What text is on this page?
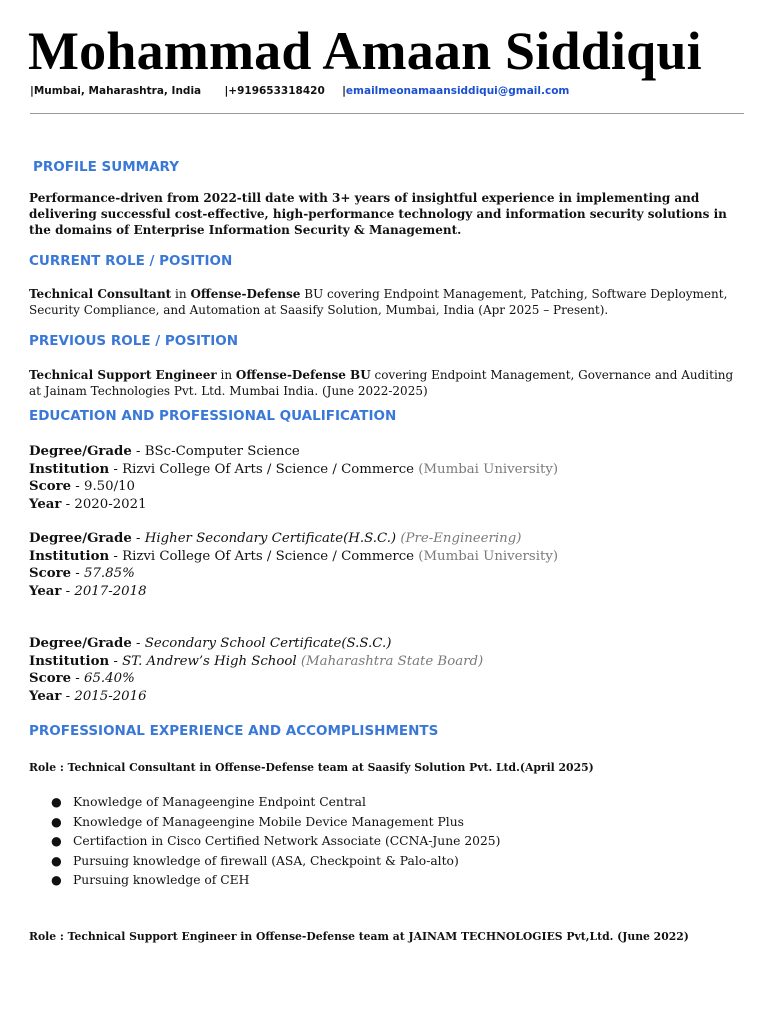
Mohammad Amaan Siddiqui
|Mumbai, Maharashtra, India |+919653318420 |emailmeonamaansiddiqui@gmail.com
PROFILE SUMMARY
Performance-driven from 2022-till date with 3+ years of insightful experience in implementing and delivering successful cost-effective, high-performance technology and information security solutions in the domains of Enterprise Information Security & Management.
CURRENT ROLE / POSITION
Technical Consultant in Offense-Defense BU covering Endpoint Management, Patching, Software Deployment, Security Compliance, and Automation at Saasify Solution, Mumbai, India (Apr 2025 – Present).
PREVIOUS ROLE / POSITION
Technical Support Engineer in Offense-Defense BU covering Endpoint Management, Governance and Auditing at Jainam Technologies Pvt. Ltd. Mumbai India. (June 2022-2025)
EDUCATION AND PROFESSIONAL QUALIFICATION
Degree/Grade - BSc-Computer Science
Institution - Rizvi College Of Arts / Science / Commerce (Mumbai University)
Score - 9.50/10
Year - 2020-2021
Degree/Grade - Higher Secondary Certificate(H.S.C.) (Pre-Engineering)
Institution - Rizvi College Of Arts / Science / Commerce (Mumbai University)
Score - 57.85%
Year - 2017-2018
Degree/Grade - Secondary School Certificate(S.S.C.)
Institution - ST. Andrew’s High School (Maharashtra State Board)
Score - 65.40%
Year - 2015-2016
PROFESSIONAL EXPERIENCE AND ACCOMPLISHMENTS
Role : Technical Consultant in Offense-Defense team at Saasify Solution Pvt. Ltd.(April 2025)
● Knowledge of Manageengine Endpoint Central
● Knowledge of Manageengine Mobile Device Management Plus
● Certifaction in Cisco Certified Network Associate (CCNA-June 2025)
● Pursuing knowledge of firewall (ASA, Checkpoint & Palo-alto)
● Pursuing knowledge of CEH
Role : Technical Support Engineer in Offense-Defense team at JAINAM TECHNOLOGIES Pvt,Ltd. (June 2022)
